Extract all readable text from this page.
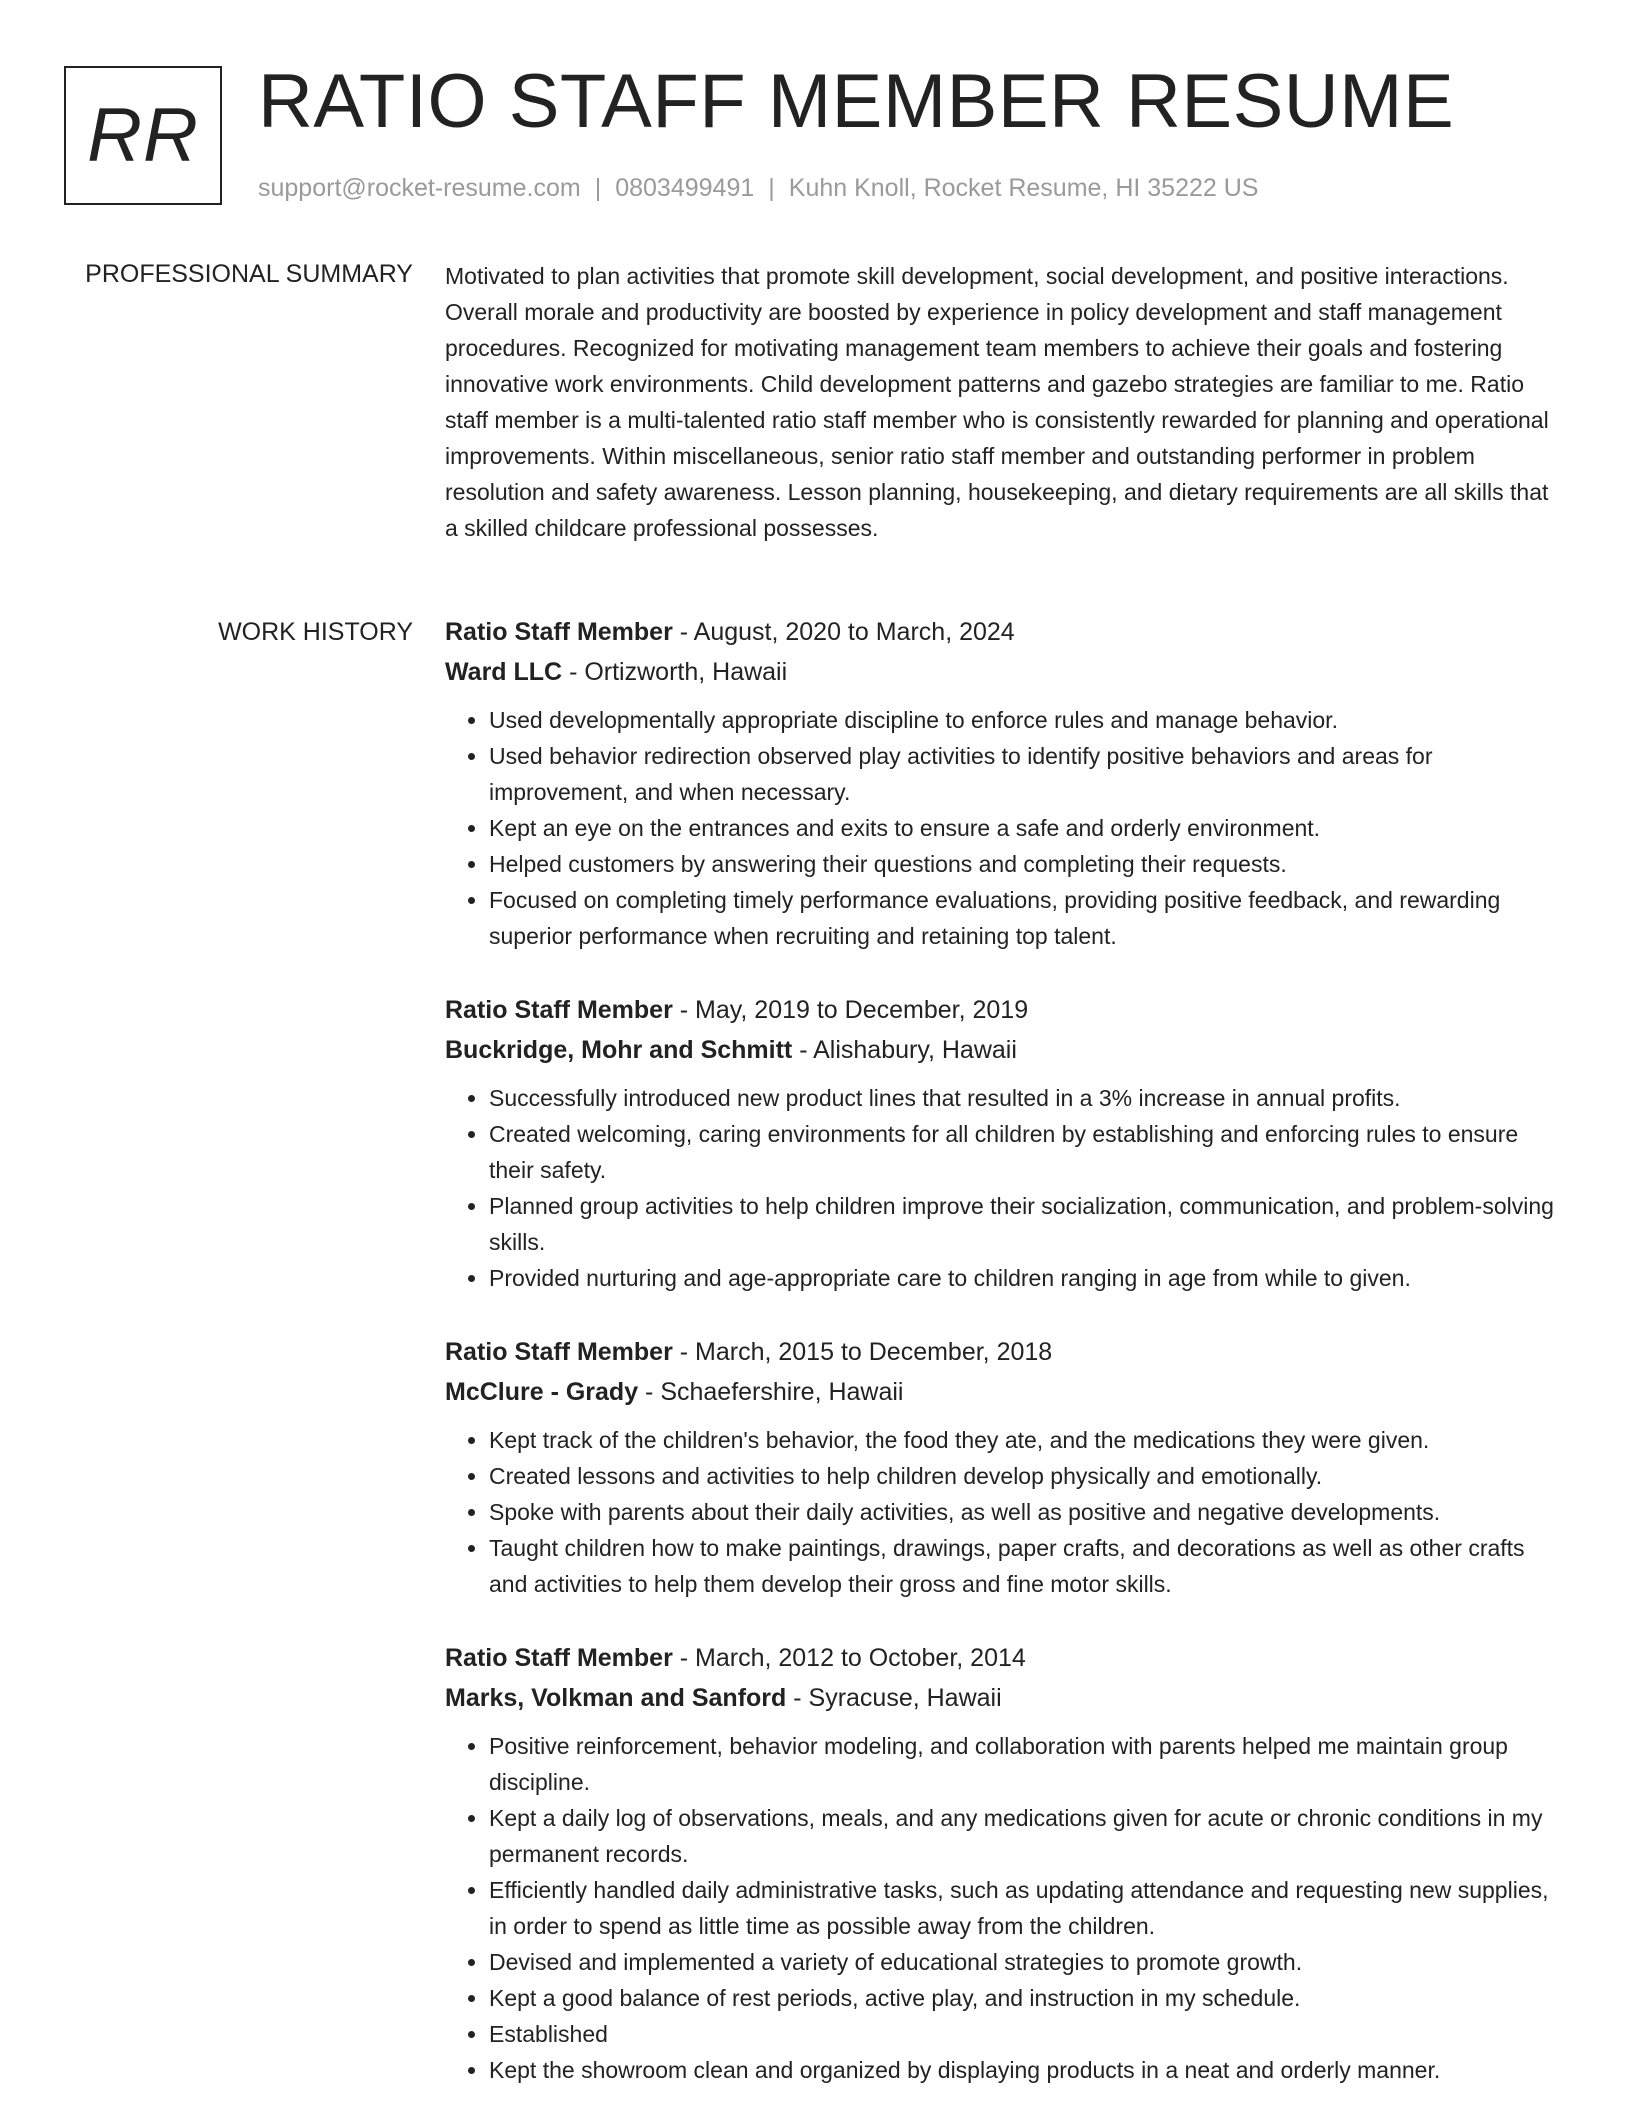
RR RATIO STAFF MEMBER RESUME
support@rocket-resume.com | 0803499491 | Kuhn Knoll, Rocket Resume, HI 35222 US
PROFESSIONAL SUMMARY Motivated to plan activities that promote skill development, social development, and positive interactions. Overall morale and productivity are boosted by experience in policy development and staff management procedures. Recognized for motivating management team members to achieve their goals and fostering innovative work environments. Child development patterns and gazebo strategies are familiar to me. Ratio staff member is a multi-talented ratio staff member who is consistently rewarded for planning and operational improvements. Within miscellaneous, senior ratio staff member and outstanding performer in problem resolution and safety awareness. Lesson planning, housekeeping, and dietary requirements are all skills that a skilled childcare professional possesses.

WORK HISTORY Ratio Staff Member - August, 2020 to March, 2024
Ward LLC - Ortizworth, Hawaii
• Used developmentally appropriate discipline to enforce rules and manage behavior.
• Used behavior redirection observed play activities to identify positive behaviors and areas for improvement, and when necessary.
• Kept an eye on the entrances and exits to ensure a safe and orderly environment.
• Helped customers by answering their questions and completing their requests.
• Focused on completing timely performance evaluations, providing positive feedback, and rewarding superior performance when recruiting and retaining top talent.
Ratio Staff Member - May, 2019 to December, 2019
Buckridge, Mohr and Schmitt - Alishabury, Hawaii
• Successfully introduced new product lines that resulted in a 3% increase in annual profits.
• Created welcoming, caring environments for all children by establishing and enforcing rules to ensure their safety.
• Planned group activities to help children improve their socialization, communication, and problem-solving skills.
• Provided nurturing and age-appropriate care to children ranging in age from while to given.
Ratio Staff Member - March, 2015 to December, 2018
McClure - Grady - Schaefershire, Hawaii
• Kept track of the children's behavior, the food they ate, and the medications they were given.
• Created lessons and activities to help children develop physically and emotionally.
• Spoke with parents about their daily activities, as well as positive and negative developments.
• Taught children how to make paintings, drawings, paper crafts, and decorations as well as other crafts and activities to help them develop their gross and fine motor skills.
Ratio Staff Member - March, 2012 to October, 2014
Marks, Volkman and Sanford - Syracuse, Hawaii
• Positive reinforcement, behavior modeling, and collaboration with parents helped me maintain group discipline.
• Kept a daily log of observations, meals, and any medications given for acute or chronic conditions in my permanent records.
• Efficiently handled daily administrative tasks, such as updating attendance and requesting new supplies, in order to spend as little time as possible away from the children.
• Devised and implemented a variety of educational strategies to promote growth.
• Kept a good balance of rest periods, active play, and instruction in my schedule.
• Established
• Kept the showroom clean and organized by displaying products in a neat and orderly manner.
